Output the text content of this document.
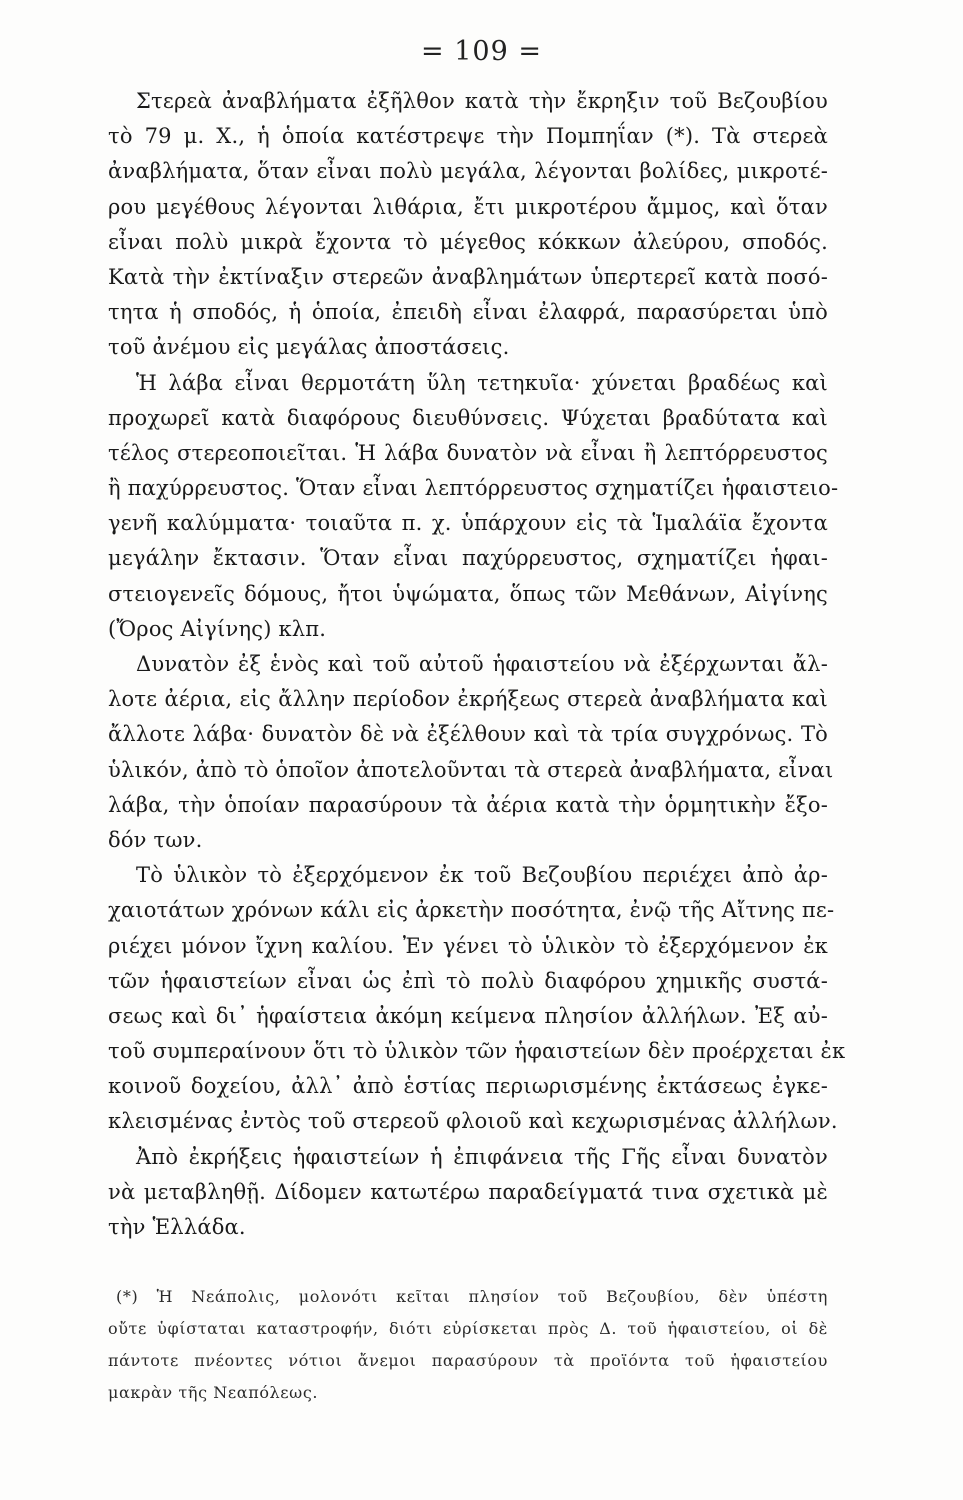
= 109 =
Στερεὰ ἀναβλήματα ἐξῆλθον κατὰ τὴν ἔκρηξιν τοῦ Βεζουβίου
τὸ 79 μ. Χ., ἡ ὁποία κατέστρεψε τὴν Πομπηΐαν (*). Τὰ στερεὰ
ἀναβλήματα, ὅταν εἶναι πολὺ μεγάλα, λέγονται βολίδες, μικροτέ-
ρου μεγέθους λέγονται λιθάρια, ἔτι μικροτέρου ἄμμος, καὶ ὅταν
εἶναι πολὺ μικρὰ ἔχοντα τὸ μέγεθος κόκκων ἀλεύρου, σποδός.
Κατὰ τὴν ἐκτίναξιν στερεῶν ἀναβλημάτων ὑπερτερεῖ κατὰ ποσό-
τητα ἡ σποδός, ἡ ὁποία, ἐπειδὴ εἶναι ἐλαφρά, παρασύρεται ὑπὸ
τοῦ ἀνέμου εἰς μεγάλας ἀποστάσεις.
Ἡ λάβα εἶναι θερμοτάτη ὕλη τετηκυῖα· χύνεται βραδέως καὶ
προχωρεῖ κατὰ διαφόρους διευθύνσεις. Ψύχεται βραδύτατα καὶ
τέλος στερεοποιεῖται. Ἡ λάβα δυνατὸν νὰ εἶναι ἢ λεπτόρρευστος
ἢ παχύρρευστος. Ὅταν εἶναι λεπτόρρευστος σχηματίζει ἡφαιστειο-
γενῆ καλύμματα· τοιαῦτα π. χ. ὑπάρχουν εἰς τὰ Ἱμαλάϊα ἔχοντα
μεγάλην ἔκτασιν. Ὅταν εἶναι παχύρρευστος, σχηματίζει ἡφαι-
στειογενεῖς δόμους, ἤτοι ὑψώματα, ὅπως τῶν Μεθάνων, Αἰγίνης
(Ὄρος Αἰγίνης) κλπ.
Δυνατὸν ἐξ ἑνὸς καὶ τοῦ αὐτοῦ ἡφαιστείου νὰ ἐξέρχωνται ἄλ-
λοτε ἀέρια, εἰς ἄλλην περίοδον ἐκρήξεως στερεὰ ἀναβλήματα καὶ
ἄλλοτε λάβα· δυνατὸν δὲ νὰ ἐξέλθουν καὶ τὰ τρία συγχρόνως. Τὸ
ὑλικόν, ἀπὸ τὸ ὁποῖον ἀποτελοῦνται τὰ στερεὰ ἀναβλήματα, εἶναι
λάβα, τὴν ὁποίαν παρασύρουν τὰ ἀέρια κατὰ τὴν ὁρμητικὴν ἔξο-
δόν των.
Τὸ ὑλικὸν τὸ ἐξερχόμενον ἐκ τοῦ Βεζουβίου περιέχει ἀπὸ ἀρ-
χαιοτάτων χρόνων κάλι εἰς ἀρκετὴν ποσότητα, ἐνῷ τῆς Αἴτνης πε-
ριέχει μόνον ἴχνη καλίου. Ἐν γένει τὸ ὑλικὸν τὸ ἐξερχόμενον ἐκ
τῶν ἡφαιστείων εἶναι ὡς ἐπὶ τὸ πολὺ διαφόρου χημικῆς συστά-
σεως καὶ δι᾽ ἡφαίστεια ἀκόμη κείμενα πλησίον ἀλλήλων. Ἐξ αὐ-
τοῦ συμπεραίνουν ὅτι τὸ ὑλικὸν τῶν ἡφαιστείων δὲν προέρχεται ἐκ
κοινοῦ δοχείου, ἀλλ᾽ ἀπὸ ἑστίας περιωρισμένης ἐκτάσεως ἐγκε-
κλεισμένας ἐντὸς τοῦ στερεοῦ φλοιοῦ καὶ κεχωρισμένας ἀλλήλων.
Ἀπὸ ἐκρήξεις ἡφαιστείων ἡ ἐπιφάνεια τῆς Γῆς εἶναι δυνατὸν
νὰ μεταβληθῇ. Δίδομεν κατωτέρω παραδείγματά τινα σχετικὰ μὲ
τὴν Ἑλλάδα.
(*) Ἡ Νεάπολις, μολονότι κεῖται πλησίον τοῦ Βεζουβίου, δὲν ὑπέστη
οὔτε ὑφίσταται καταστροφήν, διότι εὑρίσκεται πρὸς Δ. τοῦ ἡφαιστείου, οἱ δὲ
πάντοτε πνέοντες νότιοι ἄνεμοι παρασύρουν τὰ προϊόντα τοῦ ἡφαιστείου
μακρὰν τῆς Νεαπόλεως.
